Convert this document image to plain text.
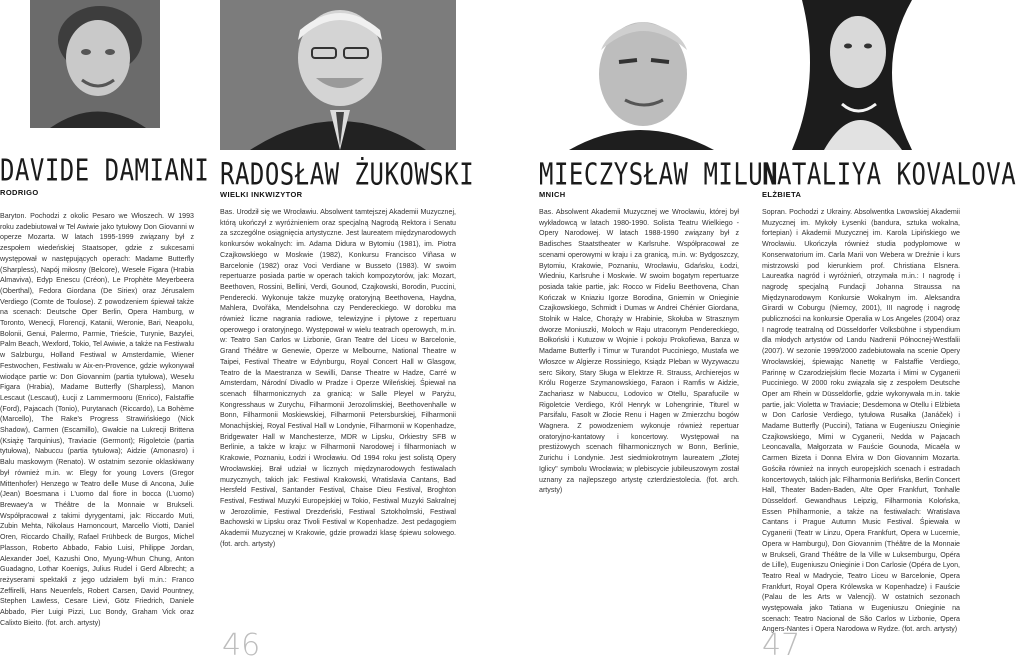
DAVIDE DAMIANI

RODRIGO

Baryton. Pochodzi z okolic Pesaro we Włoszech. W 1993 roku zadebiutował w Tel Awiwie jako tytułowy Don Giovanni w operze Mozarta. W latach 1995-1999 związany był z zespołem wiedeńskiej Staatsoper, gdzie z sukcesami występował w następujących operach: Madame Butterfly (Sharpless), Napój miłosny (Belcore), Wesele Figara (Hrabia Almaviva), Edyp Enescu (Créon), Le Prophète Meyerbeera (Oberthal), Fedora Giordana (De Siriex) oraz Jérusalem Verdiego (Comte de Toulose). Z powodzeniem śpiewał także na scenach: Deutsche Oper Berlin, Opera Hamburg, w Toronto, Wenecji, Florencji, Katanii, Weronie, Bari, Neapolu, Bolonii, Genui, Palermo, Parmie, Trieście, Turynie, Bazylei, Palm Beach, Wexford, Tokio, Tel Awiwie, a także na Festiwalu w Salzburgu, Holland Festiwal w Amsterdamie, Wiener Festwochen, Festiwalu w Aix-en-Provence, gdzie wykonywał wiodące partie w: Don Giovannim (partia tytułowa), Weselu Figara (Hrabia), Madame Butterfly (Sharpless), Manon Lescaut (Lescaut), Łucji z Lammermooru (Enrico), Falstaffie (Ford), Pajacach (Tonio), Purytanach (Riccardo), La Bohème (Marcello), The Rake's Progress Strawińskiego (Nick Shadow), Carmen (Escamillo), Gwałcie na Lukrecji Brittena (Książę Tarquinius), Traviacie (Germont); Rigoletcie (partia tytułowa), Nabuccu (partia tytułowa); Aidzie (Amonasro) i Balu maskowym (Renato). W ostatnim sezonie oklaskiwany był również m.in. w: Elegy for young Lovers (Gregor Mittenhofer) Henzego w Teatro delle Muse di Ancona, Julie (Jean) Boesmana i L'uomo dal fiore in bocca (L'uomo) Brewaey'a w Théâtre de la Monnaie w Brukseli. Współpracował z takimi dyrygentami, jak: Riccardo Muti, Zubin Mehta, Nikolaus Harnoncourt, Marcello Viotti, Daniel Oren, Riccardo Chailly, Rafael Frühbeck de Burgos, Michel Plasson, Roberto Abbado, Fabio Luisi, Philippe Jordan, Alexander Joel, Kazushi Ono, Myung-Whun Chung, Anton Guadagno, Lothar Koenigs, Julius Rudel i Gerd Albrecht; a reżyserami spektakli z jego udziałem byli m.in.: Franco Zeffirelli, Hans Neuenfels, Robert Carsen, David Pountney, Stephen Lawless, Cesare Lievi, Götz Friedrich, Daniele Abbado, Pier Luigi Pizzi, Luc Bondy, Graham Vick oraz Calixto Bieito. (fot. arch. artysty)

RADOSŁAW ŻUKOWSKI

WIELKI INKWIZYTOR

Bas. Urodził się we Wrocławiu. Absolwent tamtejszej Akademii Muzycznej, którą ukończył z wyróżnieniem oraz specjalną Nagrodą Rektora i Senatu za szczególne osiągnięcia artystyczne. Jest laureatem międzynarodowych konkursów wokalnych: im. Adama Didura w Bytomiu (1981), im. Piotra Czajkowskiego w Moskwie (1982), Konkursu Francisco Viñasa w Barcelonie (1982) oraz Voci Verdiane w Busseto (1983). W swoim repertuarze posiada partie w operach takich kompozytorów, jak: Mozart, Beethoven, Rossini, Bellini, Verdi, Gounod, Czajkowski, Borodin, Puccini, Penderecki. Wykonuje także muzykę oratoryjną Beethovena, Haydna, Mahlera, Dvořáka, Mendelsohna czy Pendereckiego. W dorobku ma również liczne nagrania radiowe, telewizyjne i płytowe z repertuaru operowego i oratoryjnego. Występował w wielu teatrach operowych, m.in. w: Teatro San Carlos w Lizbonie, Gran Teatre del Liceu w Barcelonie, Grand Théâtre w Genewie, Operze w Melbourne, National Theatre w Taipei, Festival Theatre w Edynburgu, Royal Concert Hall w Glasgow, Teatro de la Maestranza w Sewilli, Danse Theatre w Hadze, Carré w Amsterdam, Národní Divadlo w Pradze i Operze Wileńskiej. Śpiewał na scenach filharmonicznych za granicą: w Salle Pleyel w Paryżu, Kongresshaus w Zurychu, Filharmonii Jerozolimskiej, Beethovenhalle w Bonn, Filharmonii Moskiewskiej, Filharmonii Petersburskiej, Filharmonii Monachijskiej, Royal Festival Hall w Londynie, Filharmonii w Kopenhadze, Bridgewater Hall w Manchesterze, MDR w Lipsku, Orkiestry SFB w Berlinie, a także w kraju: w Filharmonii Narodowej i filharmoniach w Krakowie, Poznaniu, Łodzi i Wrocławiu. Od 1994 roku jest solistą Opery Wrocławskiej. Brał udział w licznych międzynarodowych festiwalach muzycznych, takich jak: Festiwal Krakowski, Wratislavia Cantans, Bad Hersfeld Festival, Santander Festival, Chaise Dieu Festival, Broghton Festival, Festiwal Muzyki Europejskiej w Tokio, Festiwal Muzyki Sakralnej w Jerozolimie, Festiwal Drezdeński, Festiwal Sztokholmski, Festiwal Bachowski w Lipsku oraz Tivoli Festival w Kopenhadze. Jest pedagogiem Akademii Muzycznej w Krakowie, gdzie prowadzi klasę śpiewu solowego. (fot. arch. artysty)

46
MIECZYSŁAW MILUN

MNICH

Bas. Absolwent Akademii Muzycznej we Wrocławiu, której był wykładowcą w latach 1980-1990. Solista Teatru Wielkiego - Opery Narodowej. W latach 1988-1990 związany był z Badisches Staatstheater w Karlsruhe. Współpracował ze scenami operowymi w kraju i za granicą, m.in. w: Bydgoszczy, Bytomiu, Krakowie, Poznaniu, Wrocławiu, Gdańsku, Łodzi, Wiedniu, Karlsruhe i Moskwie. W swoim bogatym repertuarze posiada takie partie, jak: Rocco w Fideliu Beethovena, Chan Kończak w Kniaziu Igorze Borodina, Gniemin w Onieginie Czajkowskiego, Schmidt i Dumas w Andrei Chénier Giordana, Stolnik w Halce, Chorąży w Hrabinie, Skołuba w Strasznym dworze Moniuszki, Moloch w Raju utraconym Pendereckiego, Bołkoński i Kutuzow w Wojnie i pokoju Prokofiewa, Banza w Madame Butterfly i Timur w Turandot Pucciniego, Mustafa we Włoszce w Algierze Rossiniego, Ksiądz Pleban w Wyzywaczu serc Sikory, Stary Sługa w Elektrze R. Strauss, Archierejos w Królu Rogerze Szymanowskiego, Faraon i Ramfis w Aidzie, Zachariasz w Nabuccu, Lodovico w Otellu, Sparafucile w Rigoletcie Verdiego, Król Henryk w Lohengrinie, Titurel w Parsifalu, Fasolt w Złocie Renu i Hagen w Zmierzchu bogów Wagnera. Z powodzeniem wykonuje również repertuar oratoryjno-kantatowy i koncertowy. Występował na prestiżowych scenach filharmonicznych w Bonn, Berlinie, Zurichu i Londynie. Jest siedmiokrotnym laureatem „Złotej Iglicy" symbolu Wrocławia; w plebiscycie jubileuszowym został uznany za najlepszego artystę czterdziestolecia. (fot. arch. artysty)

NATALIYA KOVALOVA

ELŻBIETA

Sopran. Pochodzi z Ukrainy. Absolwentka Lwowskiej Akademii Muzycznej im. Mykoły Łysenki (bandura, sztuka wokalna, fortepian) i Akademii Muzycznej im. Karola Lipińskiego we Wrocławiu. Ukończyła również studia podyplomowe w Konserwatorium im. Carla Marii von Webera w Dreźnie i kurs mistrzowski pod kierunkiem prof. Christiana Elsnera. Laureatka nagród i wyróżnień, otrzymała m.in.: I nagrodę i nagrodę specjalną Fundacji Johanna Straussa na Międzynarodowym Konkursie Wokalnym im. Aleksandra Girardi w Coburgu (Niemcy, 2001), III nagrodę i nagrodę publiczności na konkursie Operalia w Los Angeles (2004) oraz I nagrodę teatralną od Düsseldorfer Volksbühne i stypendium dla młodych artystów od Landu Nadrenii Północnej-Westfalii (2007). W sezonie 1999/2000 zadebiutowała na scenie Opery Wrocławskiej, śpiewając Nanettę w Falstaffie Verdiego, Parinnę w Czarodziejskim flecie Mozarta i Mimi w Cyganerii Pucciniego. W 2000 roku związała się z zespołem Deutsche Oper am Rhein w Düsseldorfie, gdzie wykonywała m.in. takie partie, jak: Violetta w Traviacie; Desdemona w Otellu i Elżbieta w Don Carlosie Verdiego, tytułowa Rusałka (Janáček) i Madame Butterfly (Puccini), Tatiana w Eugeniuszu Onieginie Czajkowskiego, Mimi w Cyganerii, Nedda w Pajacach Leoncavalla, Małgorzata w Fauście Gounoda, Micaëla w Carmen Bizeta i Donna Elvira w Don Giovannim Mozarta. Gościła również na innych europejskich scenach i estradach koncertowych, takich jak: Filharmonia Berlińska, Berlin Concert Hall, Theater Baden-Baden, Alte Oper Frankfurt, Tonhalle Düsseldorf. Gewandhaus Leipzig, Filharmonia Kolońska, Essen Philharmonie, a także na festiwalach: Wratislava Cantans i Prague Autumn Music Festival. Śpiewała w Cyganerii (Teatr w Linzu, Opera Frankfurt, Opera w Lucernie, Opera w Hamburgu), Don Giovannim (Théâtre de la Monnaie w Brukseli, Grand Théâtre de la Ville w Luksemburgu, Opéra de Lille), Eugeniuszu Onieginie i Don Carlosie (Opéra de Lyon, Teatro Real w Madrycie, Teatro Liceu w Barcelonie, Opera Frankfurt, Royal Opera Królewska w Kopenhadze) i Fauście (Palau de les Arts w Valencji). W ostatnich sezonach występowała jako Tatiana w Eugeniuszu Onieginie na scenach: Teatro Nacional de São Carlos w Lizbonie, Opera Angers-Nantes i Opera Narodowa w Rydze. (fot. arch. artysty)

47
